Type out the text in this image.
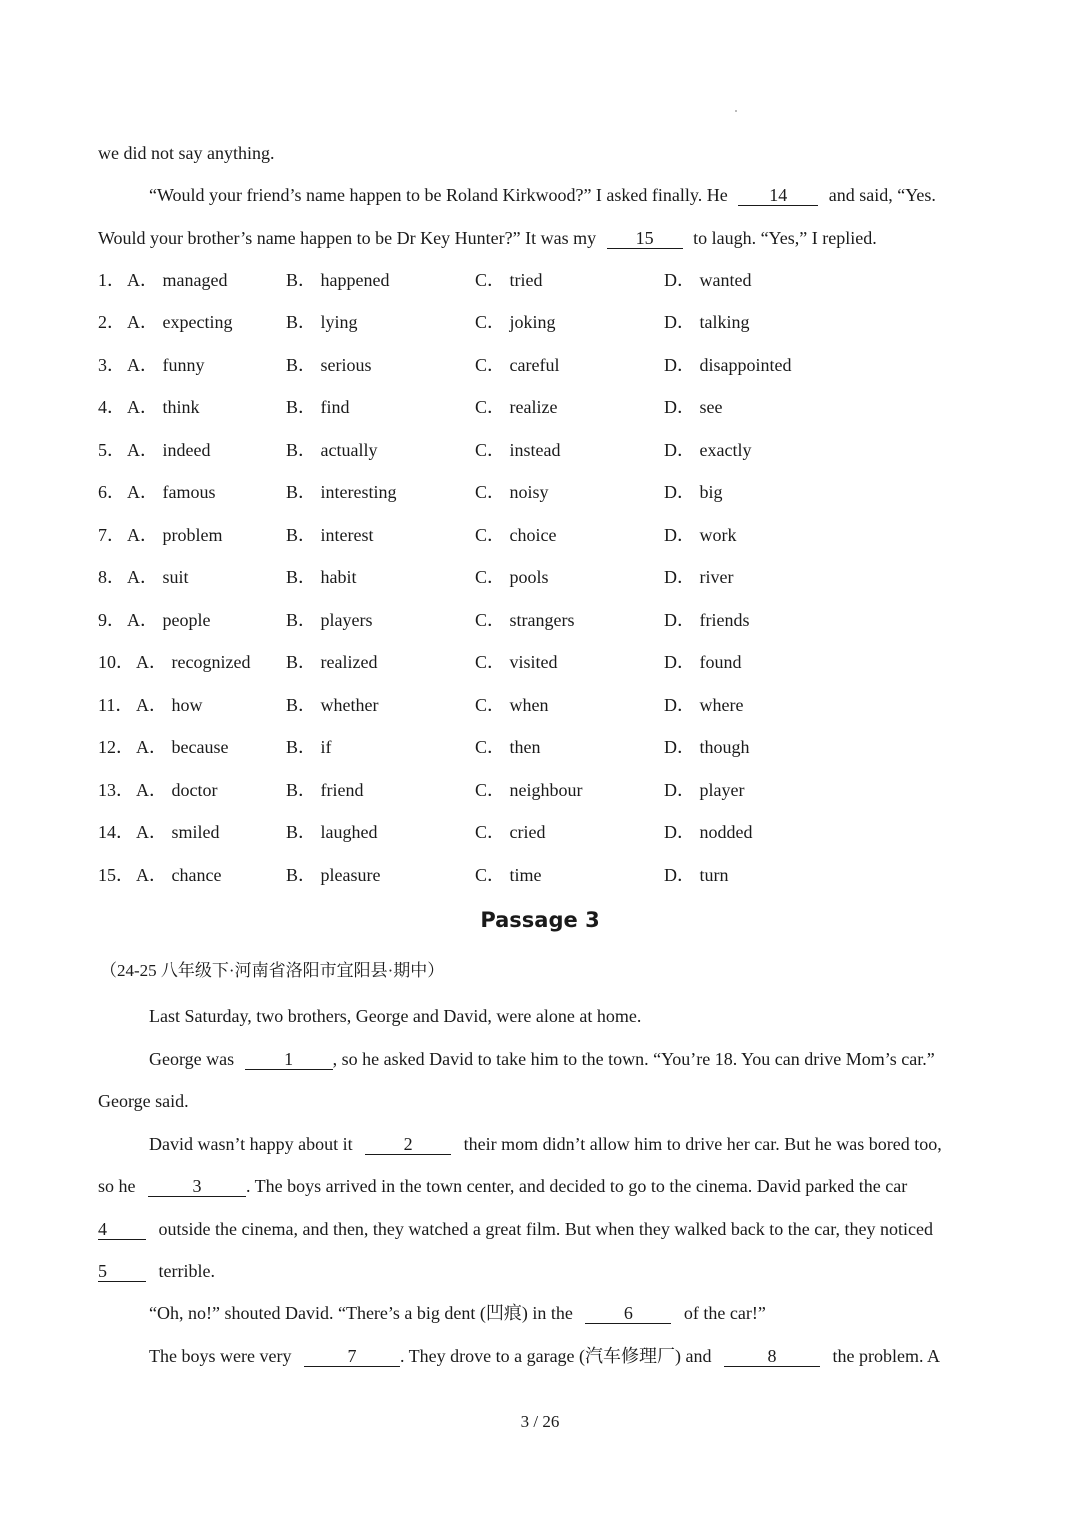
we did not say anything.
“Would your friend’s name happen to be Roland Kirkwood?” I asked finally. He 14 and said, “Yes.
Would your brother’s name happen to be Dr Key Hunter?” It was my 15 to laugh. “Yes,” I replied.
1． A． managed	B． happened	C． tried	D． wanted
2． A． expecting	B． lying	C． joking	D． talking
3． A． funny	B． serious	C． careful	D． disappointed
4． A． think	B． find	C． realize	D． see
5． A． indeed	B． actually	C． instead	D． exactly
6． A． famous	B． interesting	C． noisy	D． big
7． A． problem	B． interest	C． choice	D． work
8． A． suit	B． habit	C． pools	D． river
9． A． people	B． players	C． strangers	D． friends
10． A． recognized B． realized	C． visited	D． found
11． A． how	B． whether	C． when	D． where
12． A． because	B． if	C． then	D． though
13． A． doctor	B． friend	C． neighbour	D． player
14． A． smiled	B． laughed	C． cried	D． nodded
15． A． chance	B． pleasure	C． time	D． turn
Passage 3
（24-25 八年级下·河南省洛阳市宜阳县·期中）
Last Saturday, two brothers, George and David, were alone at home.
George was	1 , so he asked David to take him to the town. “You’re 18. You can drive Mom’s car.”
George said.
David wasn’t happy about it	2	their mom didn’t allow him to drive her car. But he was bored too,
so he	3 . The boys arrived in the town center, and decided to go to the cinema. David parked the car
4	outside the cinema, and then, they watched a great film. But when they walked back to the car, they noticed
5	terrible.
“Oh, no!” shouted David. “There’s a big dent (凹痕) in the	6	of the car!”
The boys were very	7 . They drove to a garage (汽车修理厂) and	8	the problem. A
3 / 26
